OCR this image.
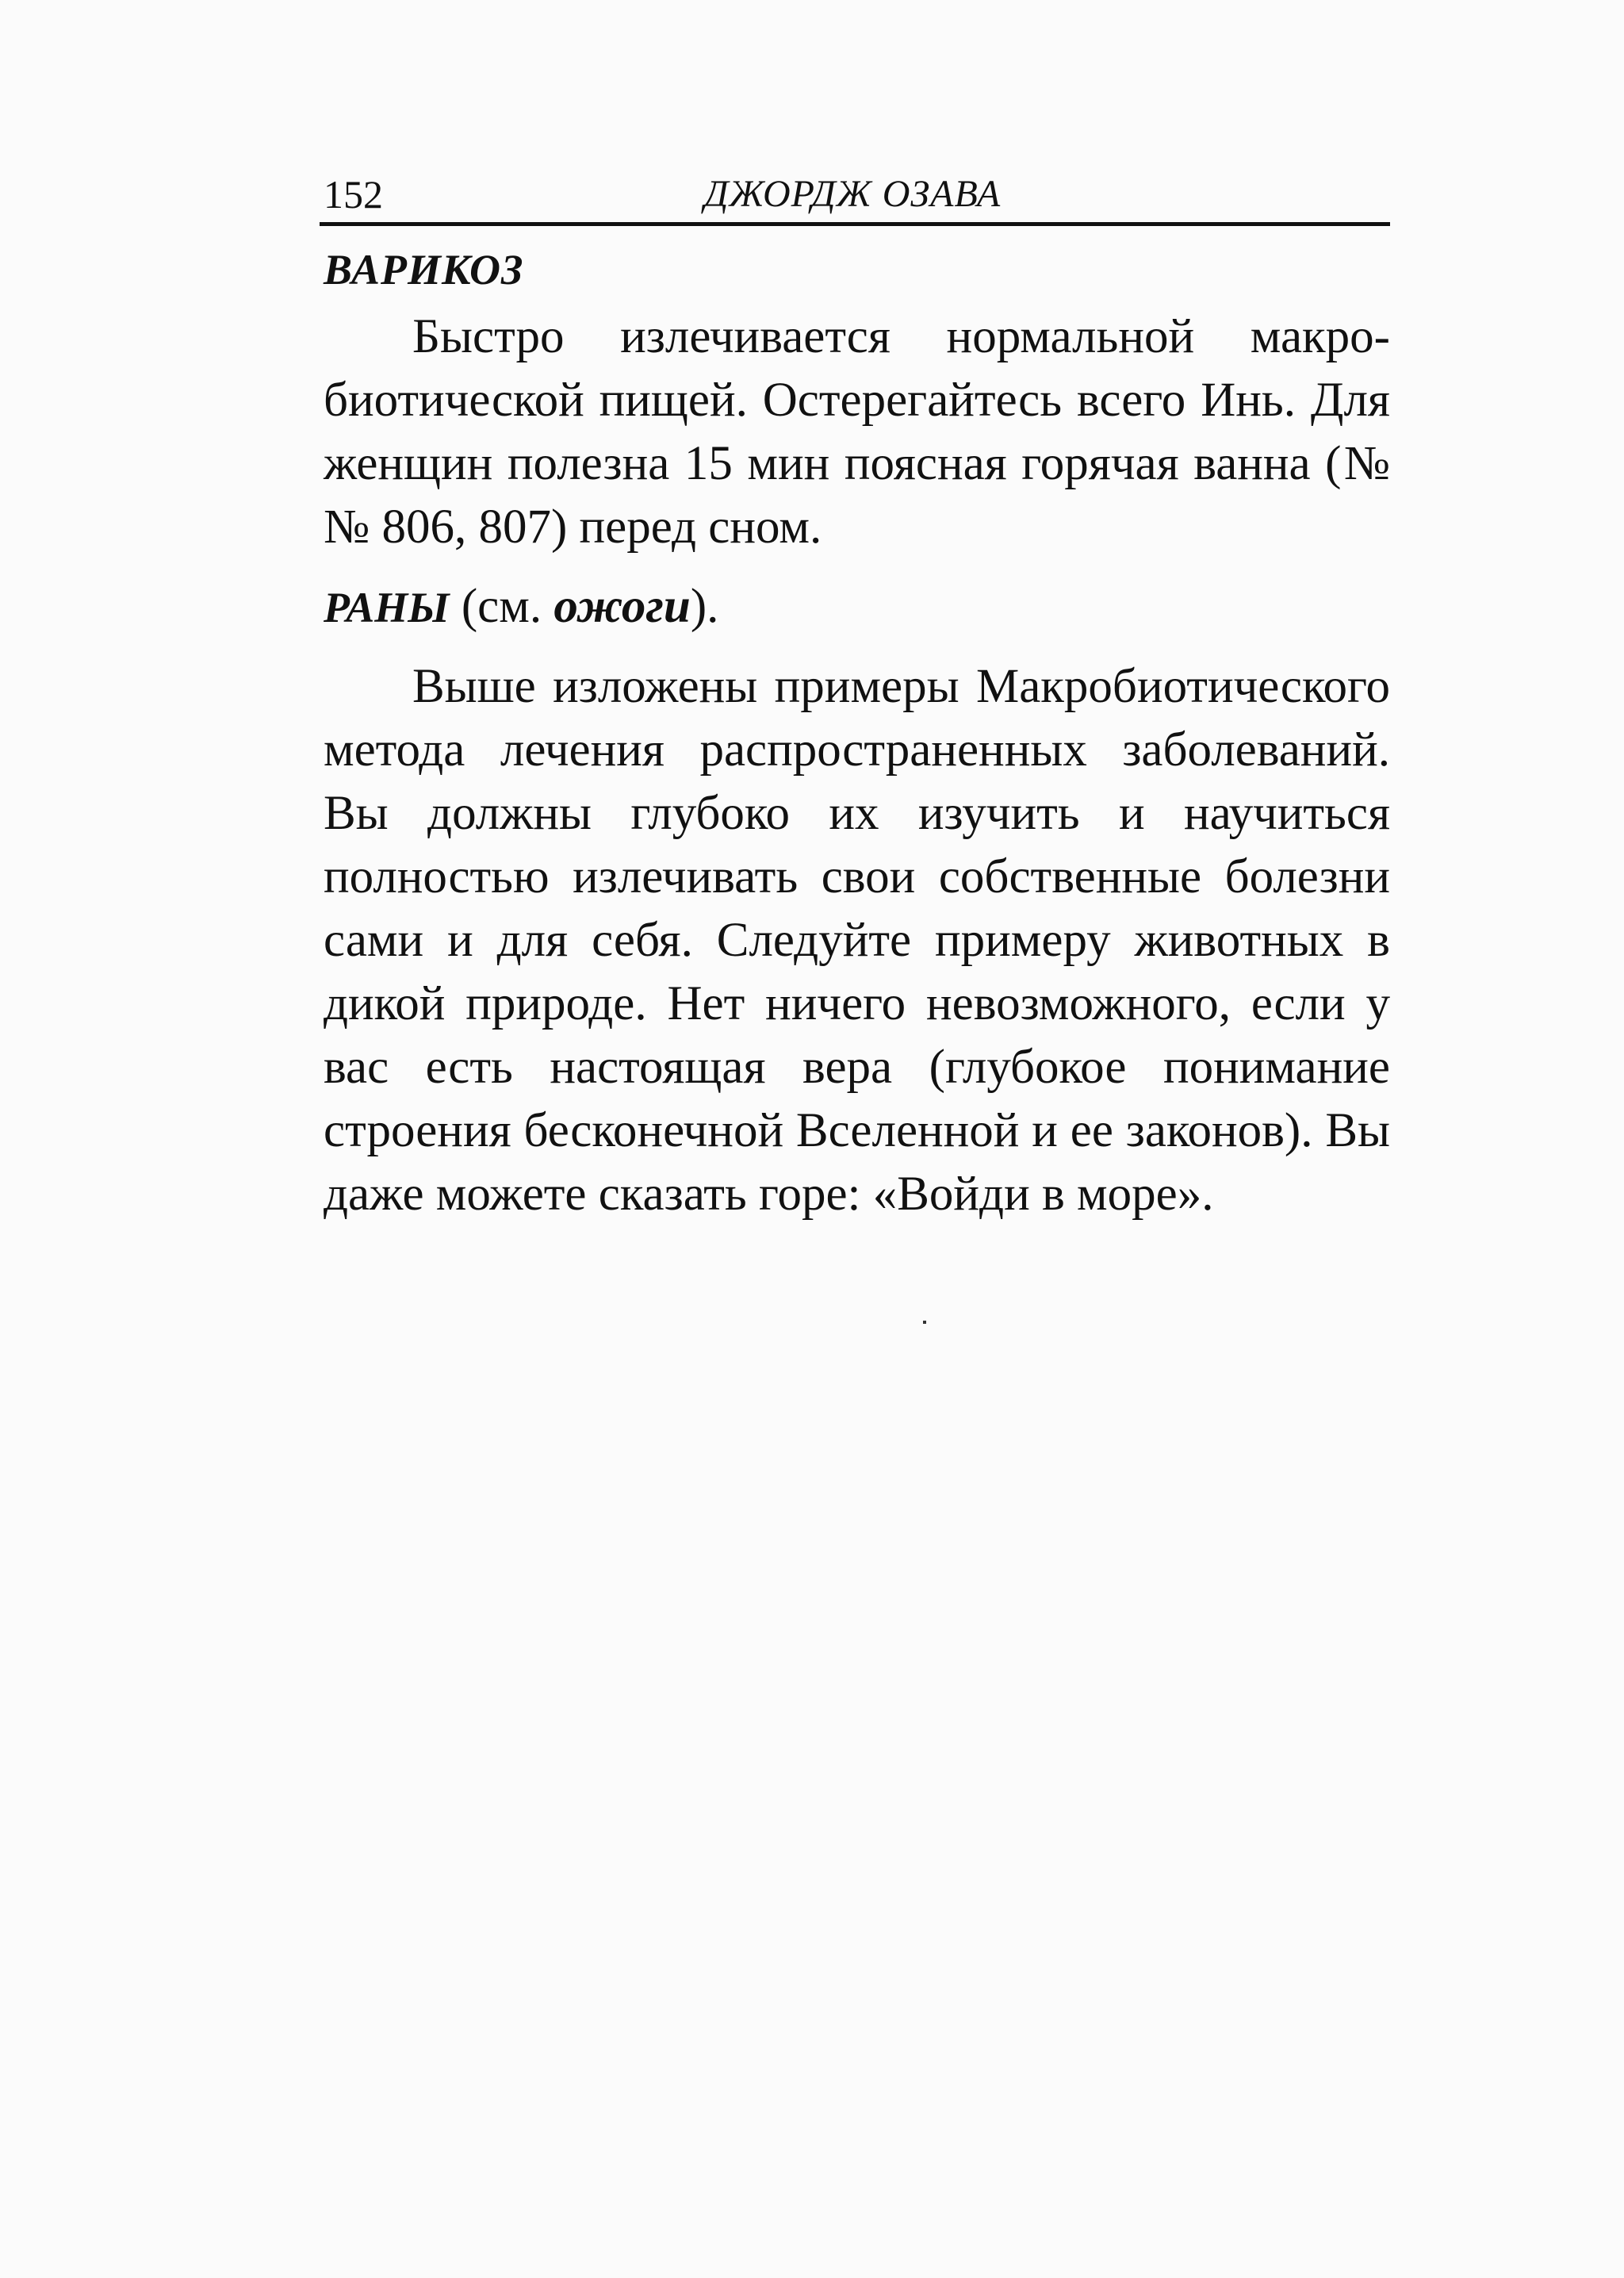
152	ДЖОРДЖ ОЗАВА
ВАРИКОЗ

Быстро излечивается нормальной макробиотической пищей. Остерегайтесь всего Инь. Для женщин полезна 15 мин поясная горячая ванна (№№ 806, 807) перед сном.

РАНЫ (см. ожоги).

Выше изложены примеры Макробиотического метода лечения распространенных заболеваний. Вы должны глубоко их изучить и научиться полностью излечивать свои собственные болезни сами и для себя. Следуйте примеру животных в дикой природе. Нет ничего невозможного, если у вас есть настоящая вера (глубокое понимание строения бесконечной Вселенной и ее законов). Вы даже можете сказать горе: «Войди в море».
